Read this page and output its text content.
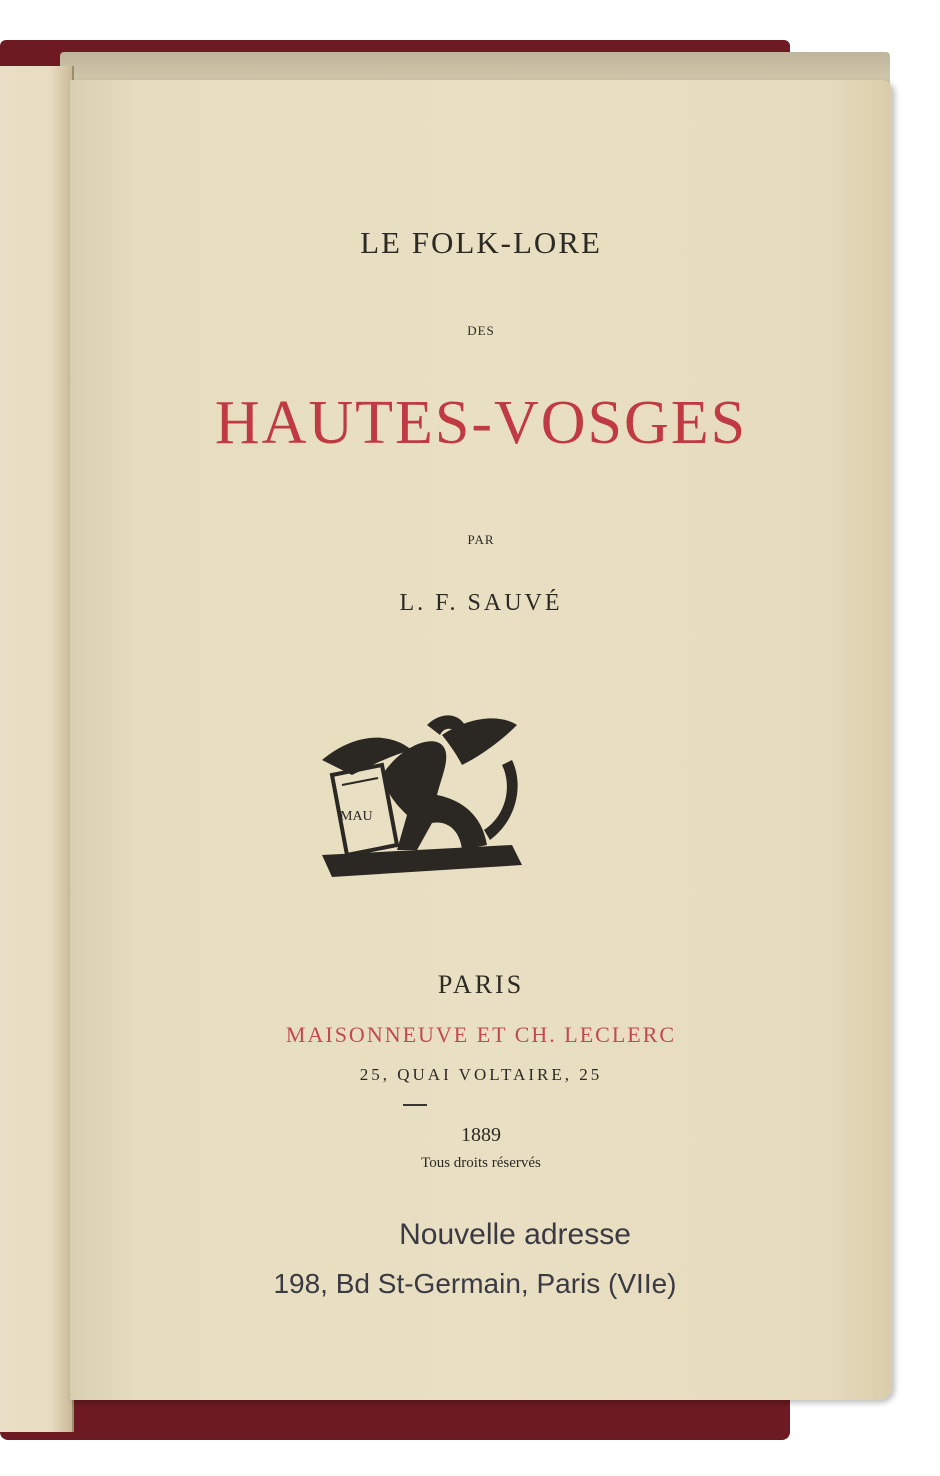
LE FOLK-LORE
DES
HAUTES-VOSGES
PAR
L. F. SAUVÉ
MAU
PARIS
MAISONNEUVE ET CH. LECLERC
25, QUAI VOLTAIRE, 25
1889
Tous droits réservés
Nouvelle adresse
198, Bd St-Germain, Paris (VIIe)
